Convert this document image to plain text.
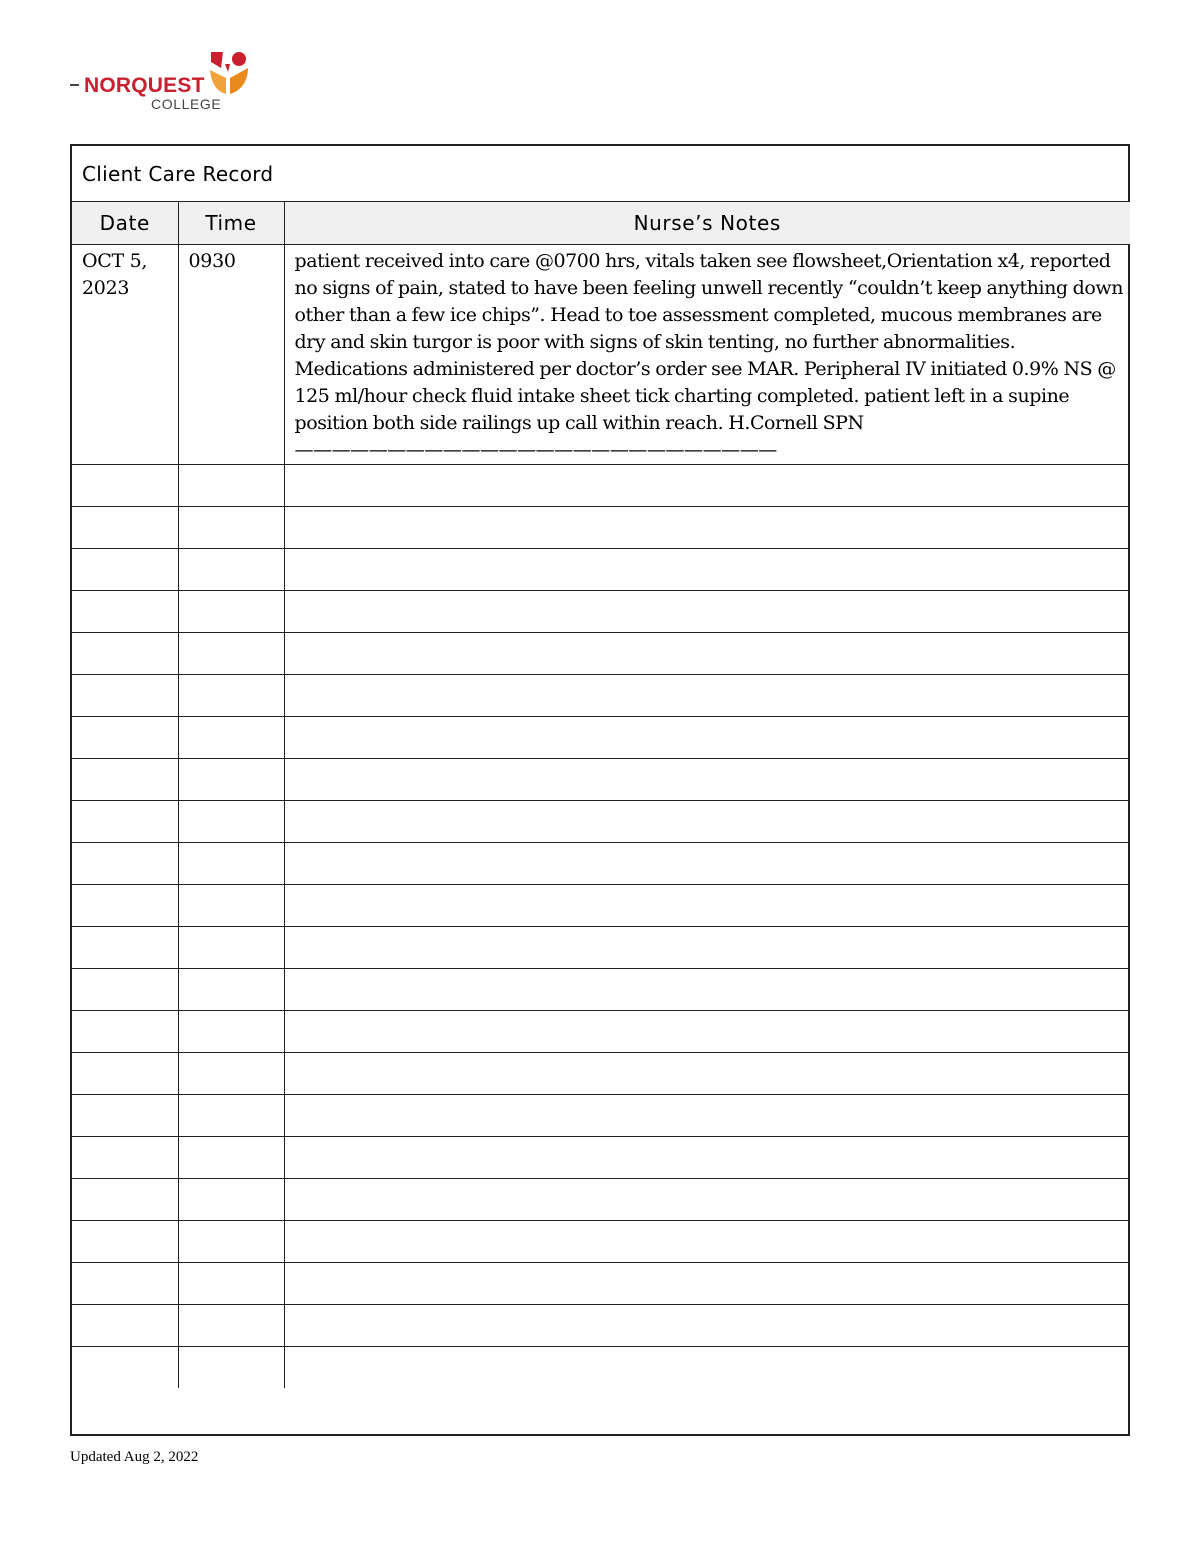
NORQUEST
COLLEGE
Client Care Record
Date	Time	Nurse’s Notes
OCT 5, 2023	0930	patient received into care @0700 hrs, vitals taken see flowsheet,Orientation x4, reported no signs of pain, stated to have been feeling unwell recently “couldn’t keep anything down other than a few ice chips”. Head to toe assessment completed, mucous membranes are dry and skin turgor is poor with signs of skin tenting, no further abnormalities. Medications administered per doctor’s order see MAR. Peripheral IV initiated 0.9% NS @ 125 ml/hour check fluid intake sheet tick charting completed. patient left in a supine position both side railings up call within reach. H.Cornell SPN——————————————————————————

Updated Aug 2, 2022
